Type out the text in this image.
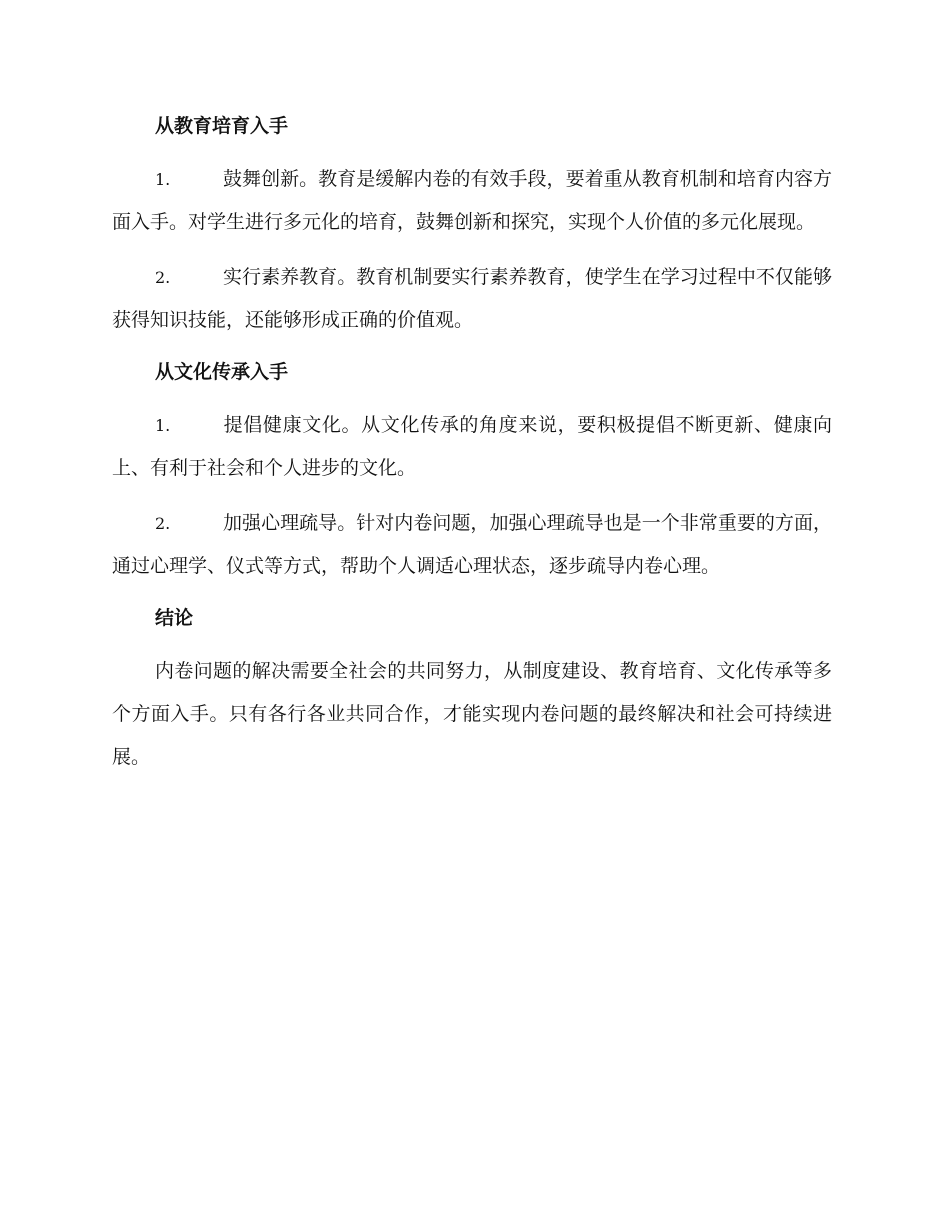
从教育培育入手

1.	鼓舞创新。教育是缓解内卷的有效手段，要着重从教育机制和培育内容方面入手。对学生进行多元化的培育，鼓舞创新和探究，实现个人价值的多元化展现。

2.	实行素养教育。教育机制要实行素养教育，使学生在学习过程中不仅能够获得知识技能，还能够形成正确的价值观。

从文化传承入手

1.	提倡健康文化。从文化传承的角度来说，要积极提倡不断更新、健康向上、有利于社会和个人进步的文化。

2.	加强心理疏导。针对内卷问题，加强心理疏导也是一个非常重要的方面，通过心理学、仪式等方式，帮助个人调适心理状态，逐步疏导内卷心理。

结论

内卷问题的解决需要全社会的共同努力，从制度建设、教育培育、文化传承等多个方面入手。只有各行各业共同合作，才能实现内卷问题的最终解决和社会可持续进展。
